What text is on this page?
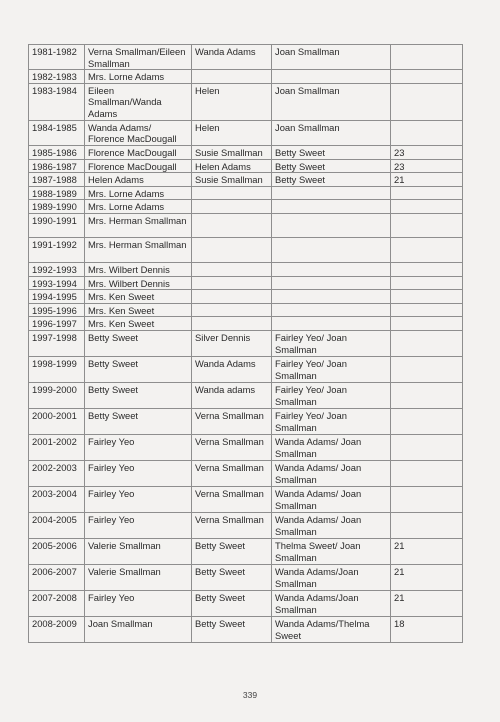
1981-1982	Verna Smallman/Eileen Smallman	Wanda Adams	Joan Smallman	
1982-1983	Mrs. Lorne Adams			
1983-1984	Eileen Smallman/Wanda Adams	Helen	Joan Smallman	
1984-1985	Wanda Adams/ Florence MacDougall	Helen	Joan Smallman	
1985-1986	Florence MacDougall	Susie Smallman	Betty Sweet	23
1986-1987	Florence MacDougall	Helen Adams	Betty Sweet	23
1987-1988	Helen Adams	Susie Smallman	Betty Sweet	21
1988-1989	Mrs. Lorne Adams			
1989-1990	Mrs. Lorne Adams			
1990-1991	Mrs. Herman Smallman			
1991-1992	Mrs. Herman Smallman			
1992-1993	Mrs. Wilbert Dennis			
1993-1994	Mrs. Wilbert Dennis			
1994-1995	Mrs. Ken Sweet			
1995-1996	Mrs. Ken Sweet			
1996-1997	Mrs. Ken Sweet			
1997-1998	Betty Sweet	Silver Dennis	Fairley Yeo/ Joan Smallman	
1998-1999	Betty Sweet	Wanda Adams	Fairley Yeo/ Joan Smallman	
1999-2000	Betty Sweet	Wanda adams	Fairley Yeo/ Joan Smallman	
2000-2001	Betty Sweet	Verna Smallman	Fairley Yeo/ Joan Smallman	
2001-2002	Fairley Yeo	Verna Smallman	Wanda Adams/ Joan Smallman	
2002-2003	Fairley Yeo	Verna Smallman	Wanda Adams/ Joan Smallman	
2003-2004	Fairley Yeo	Verna Smallman	Wanda Adams/ Joan Smallman	
2004-2005	Fairley Yeo	Verna Smallman	Wanda Adams/ Joan Smallman	
2005-2006	Valerie Smallman	Betty Sweet	Thelma Sweet/ Joan Smallman	21
2006-2007	Valerie Smallman	Betty Sweet	Wanda Adams/Joan Smallman	21
2007-2008	Fairley Yeo	Betty Sweet	Wanda Adams/Joan Smallman	21
2008-2009	Joan Smallman	Betty Sweet	Wanda Adams/Thelma Sweet	18
339
